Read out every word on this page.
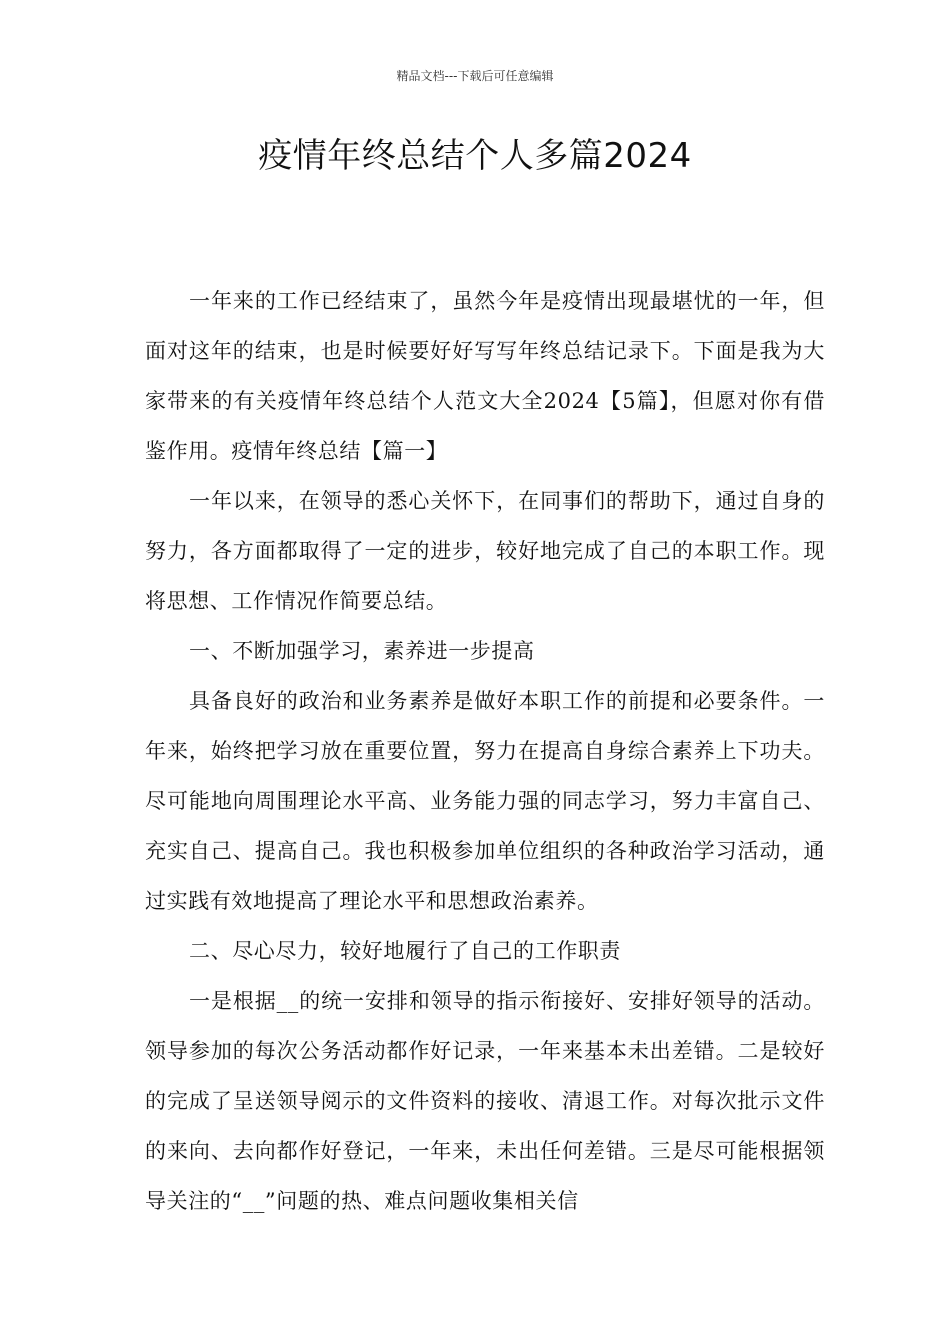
精品文档---下载后可任意编辑
疫情年终总结个人多篇2024

一年来的工作已经结束了，虽然今年是疫情出现最堪忧的一年，但面对这年的结束，也是时候要好好写写年终总结记录下。下面是我为大家带来的有关疫情年终总结个人范文大全2024【5篇】，但愿对你有借鉴作用。疫情年终总结【篇一】

一年以来，在领导的悉心关怀下，在同事们的帮助下，通过自身的努力，各方面都取得了一定的进步，较好地完成了自己的本职工作。现将思想、工作情况作简要总结。

一、不断加强学习，素养进一步提高

具备良好的政治和业务素养是做好本职工作的前提和必要条件。一年来，始终把学习放在重要位置，努力在提高自身综合素养上下功夫。尽可能地向周围理论水平高、业务能力强的同志学习，努力丰富自己、充实自己、提高自己。我也积极参加单位组织的各种政治学习活动，通过实践有效地提高了理论水平和思想政治素养。

二、尽心尽力，较好地履行了自己的工作职责

一是根据__的统一安排和领导的指示衔接好、安排好领导的活动。领导参加的每次公务活动都作好记录，一年来基本未出差错。二是较好的完成了呈送领导阅示的文件资料的接收、清退工作。对每次批示文件的来向、去向都作好登记，一年来，未出任何差错。三是尽可能根据领导关注的“__”问题的热、难点问题收集相关信
